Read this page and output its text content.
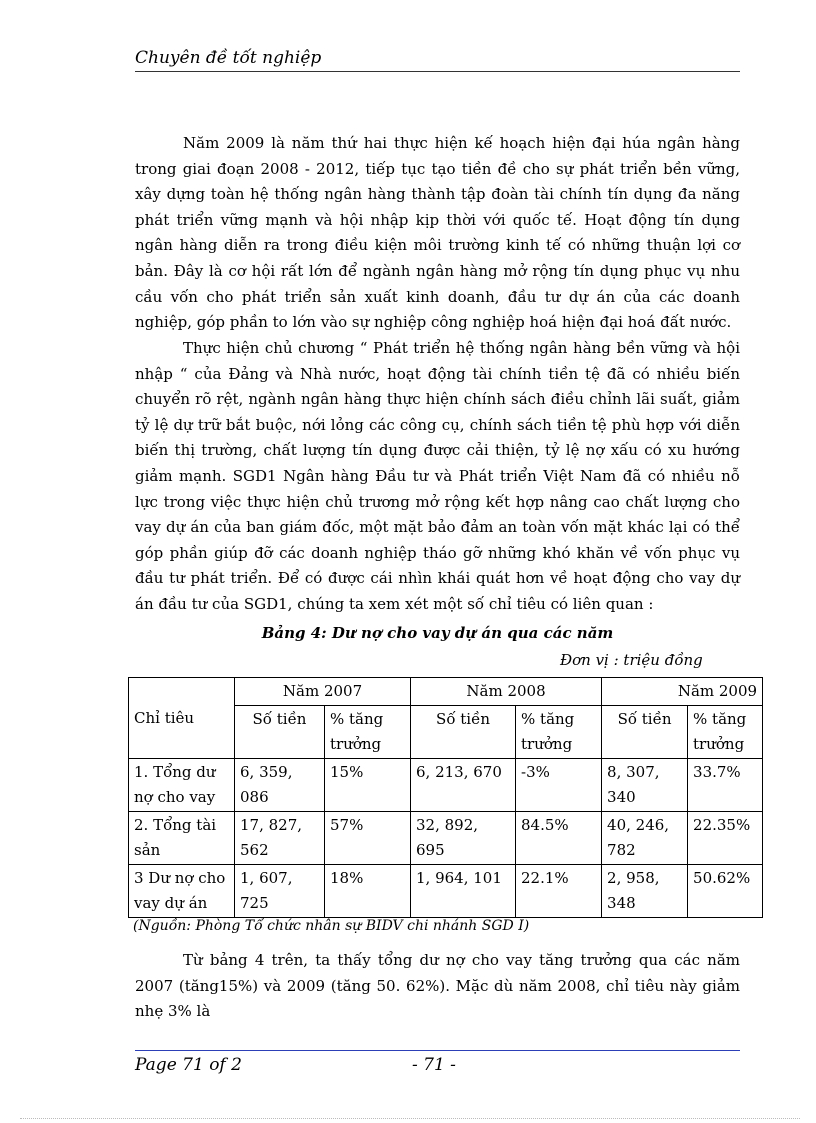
Chuyên đề tốt nghiệp

Năm 2009 là năm thứ hai thực hiện kế hoạch hiện đại húa ngân hàng trong giai đoạn 2008 - 2012, tiếp tục tạo tiền đề cho sự phát triển bền vững, xây dựng toàn hệ thống ngân hàng thành tập đoàn tài chính tín dụng đa năng phát triển vững mạnh và hội nhập kịp thời với quốc tế. Hoạt động tín dụng ngân hàng diễn ra trong điều kiện môi trường kinh tế có những thuận lợi cơ bản. Đây là cơ hội rất lớn để ngành ngân hàng mở rộng tín dụng phục vụ nhu cầu vốn cho phát triển sản xuất kinh doanh, đầu tư dự án của các doanh nghiệp, góp phần to lớn vào sự nghiệp công nghiệp hoá hiện đại hoá đất nước.

Thực hiện chủ chương “ Phát triển hệ thống ngân hàng bền vững và hội nhập “ của Đảng và Nhà nước, hoạt động tài chính tiền tệ đã có nhiều biến chuyển rõ rệt, ngành ngân hàng thực hiện chính sách điều chỉnh lãi suất, giảm tỷ lệ dự trữ bắt buộc, nới lỏng các công cụ, chính sách tiền tệ phù hợp với diễn biến thị trường, chất lượng tín dụng được cải thiện, tỷ lệ nợ xấu có xu hướng giảm mạnh. SGD1 Ngân hàng Đầu tư và Phát triển Việt Nam đã có nhiều nỗ lực trong việc thực hiện chủ trương mở rộng kết hợp nâng cao chất lượng cho vay dự án của ban giám đốc, một mặt bảo đảm an toàn vốn mặt khác lại có thể góp phần giúp đỡ các doanh nghiệp tháo gỡ những khó khăn về vốn phục vụ đầu tư phát triển. Để có được cái nhìn khái quát hơn về hoạt động cho vay dự án đầu tư của SGD1, chúng ta xem xét một số chỉ tiêu có liên quan :

Bảng 4: Dư nợ cho vay dự án qua các năm
Đơn vị : triệu đồng
Chỉ tiêu	Năm 2007		Năm 2008		Năm 2009	
	Số tiền	% tăng trưởng	Số tiền	% tăng trưởng	Số tiền	% tăng trưởng
1. Tổng dư nợ cho vay	6, 359, 086	15%	6, 213, 670	-3%	8, 307, 340	33.7%
2. Tổng tài sản	17, 827, 562	57%	32, 892, 695	84.5%	40, 246, 782	22.35%
3 Dư nợ cho vay dự án	1, 607, 725	18%	1, 964, 101	22.1%	2, 958, 348	50.62%
(Nguồn: Phòng Tổ chức nhân sự BIDV chi nhánh SGD I)

Từ bảng 4 trên, ta thấy tổng dư nợ cho vay tăng trưởng qua các năm 2007 (tăng15%) và 2009 (tăng 50. 62%). Mặc dù năm 2008, chỉ tiêu này giảm nhẹ 3% là

Page 71 of 2	- 71 -
